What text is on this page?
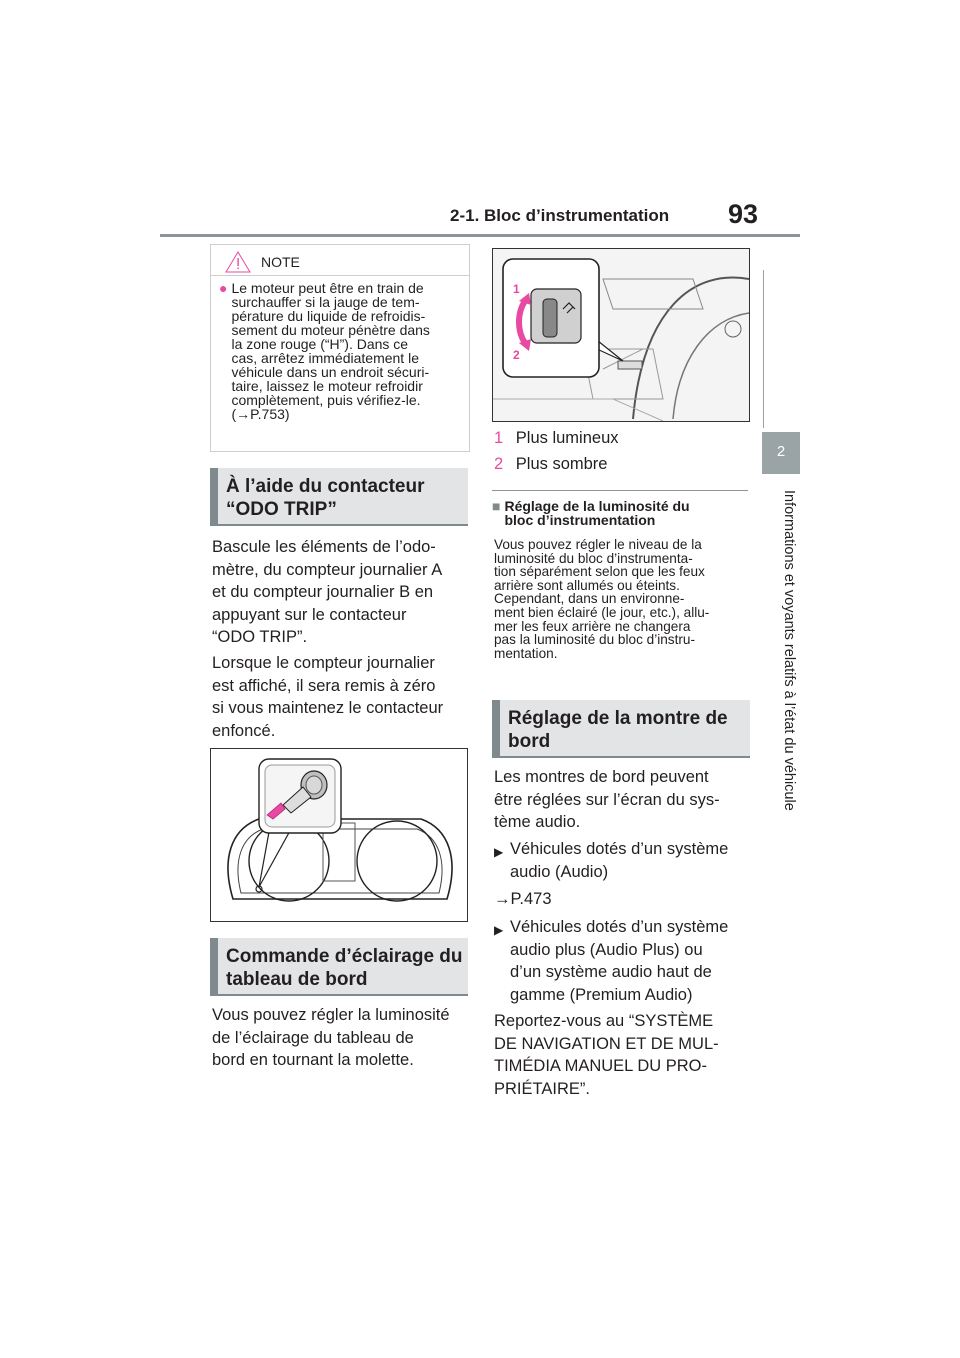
2-1. Bloc d’instrumentation 93
2
Informations et voyants relatifs à l’état du véhicule
NOTE
● Le moteur peut être en train de
surchauffer si la jauge de tem-
pérature du liquide de refroidis-
sement du moteur pénètre dans
la zone rouge (“H”). Dans ce
cas, arrêtez immédiatement le
véhicule dans un endroit sécuri-
taire, laissez le moteur refroidir
complètement, puis vérifiez-le.
(→P.753)
À l’aide du contacteur
“ODO TRIP”
Bascule les éléments de l’odo-
mètre, du compteur journalier A
et du compteur journalier B en
appuyant sur le contacteur
“ODO TRIP”.
Lorsque le compteur journalier
est affiché, il sera remis à zéro
si vous maintenez le contacteur
enfoncé.
Commande d’éclairage du
tableau de bord
Vous pouvez régler la luminosité
de l’éclairage du tableau de
bord en tournant la molette.
1
2
1 Plus lumineux
2 Plus sombre
■ Réglage de la luminosité du
bloc d’instrumentation
Vous pouvez régler le niveau de la
luminosité du bloc d’instrumenta-
tion séparément selon que les feux
arrière sont allumés ou éteints.
Cependant, dans un environne-
ment bien éclairé (le jour, etc.), allu-
mer les feux arrière ne changera
pas la luminosité du bloc d’instru-
mentation.
Réglage de la montre de
bord
Les montres de bord peuvent
être réglées sur l’écran du sys-
tème audio.
▶ Véhicules dotés d’un système
audio (Audio)
→P.473
▶ Véhicules dotés d’un système
audio plus (Audio Plus) ou
d’un système audio haut de
gamme (Premium Audio)
Reportez-vous au “SYSTÈME
DE NAVIGATION ET DE MUL-
TIMÉDIA MANUEL DU PRO-
PRIÉTAIRE”.
